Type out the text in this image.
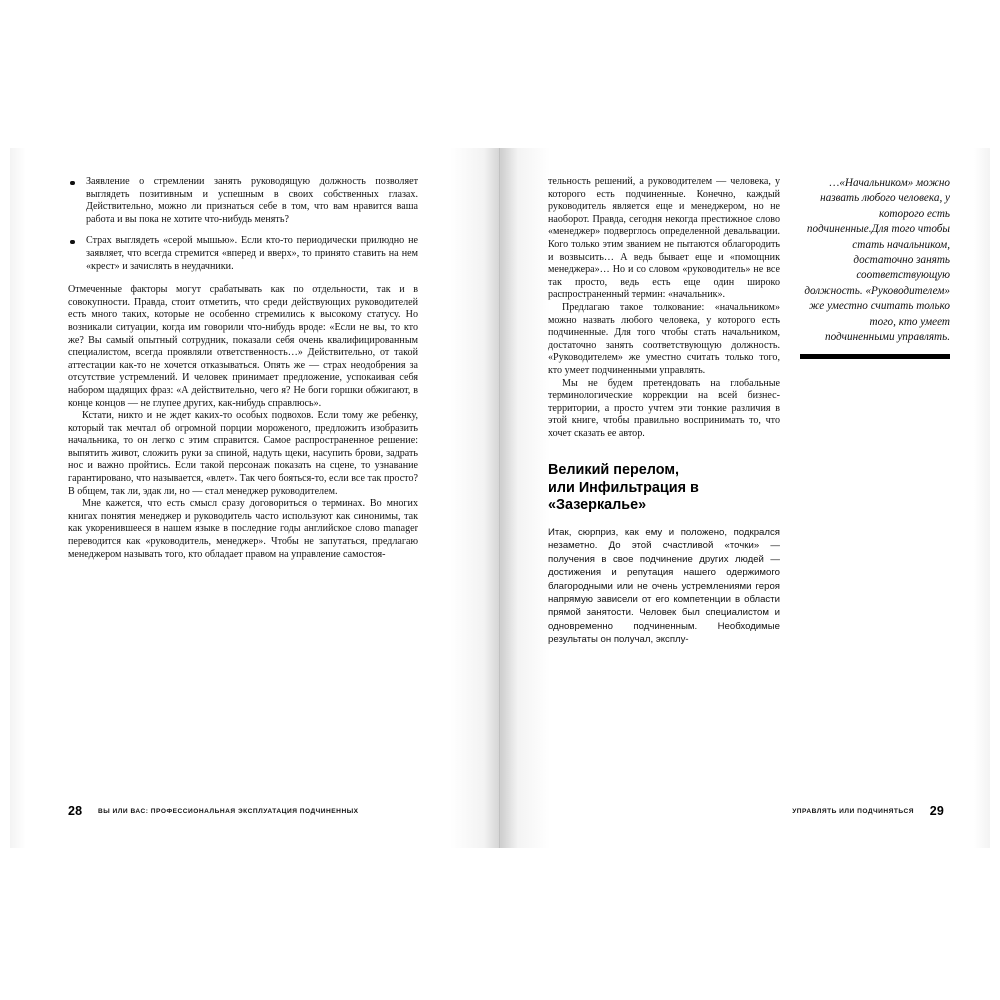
Заявление о стремлении занять руководящую должность позволяет выглядеть позитивным и успешным в своих собственных глазах. Действительно, можно ли признаться себе в том, что вам нравится ваша работа и вы пока не хотите что-нибудь менять?
Страх выглядеть «серой мышью». Если кто-то периодически прилюдно не заявляет, что всегда стремится «вперед и вверх», то принято ставить на нем «крест» и зачислять в неудачники.

Отмеченные факторы могут срабатывать как по отдельности, так и в совокупности. Правда, стоит отметить, что среди действующих руководителей есть много таких, которые не особенно стремились к высокому статусу. Но возникали ситуации, когда им говорили что-нибудь вроде: «Если не вы, то кто же? Вы самый опытный сотрудник, показали себя очень квалифицированным специалистом, всегда проявляли ответственность…» Действительно, от такой аттестации как-то не хочется отказываться. Опять же — страх неодобрения за отсутствие устремлений. И человек принимает предложение, успокаивая себя набором щадящих фраз: «А действительно, чего я? Не боги горшки обжигают, в конце концов — не глупее других, как-нибудь справлюсь».

Кстати, никто и не ждет каких-то особых подвохов. Если тому же ребенку, который так мечтал об огромной порции мороженого, предложить изобразить начальника, то он легко с этим справится. Самое распространенное решение: выпятить живот, сложить руки за спиной, надуть щеки, насупить брови, задрать нос и важно пройтись. Если такой персонаж показать на сцене, то узнавание гарантировано, что называется, «влет». Так чего бояться-то, если все так просто? В общем, так ли, эдак ли, но — стал менеджер руководителем.

Мне кажется, что есть смысл сразу договориться о терминах. Во многих книгах понятия менеджер и руководитель часто используют как синонимы, так как укоренившееся в нашем языке в последние годы английское слово manager переводится как «руководитель, менеджер». Чтобы не запутаться, предлагаю менеджером называть того, кто обладает правом на управление самостоя-

28 ВЫ ИЛИ ВАС: ПРОФЕССИОНАЛЬНАЯ ЭКСПЛУАТАЦИЯ ПОДЧИНЕННЫХ

тельность решений, а руководителем — человека, у которого есть подчиненные. Конечно, каждый руководитель является еще и менеджером, но не наоборот. Правда, сегодня некогда престижное слово «менеджер» подверглось определенной девальвации. Кого только этим званием не пытаются облагородить и возвысить… А ведь бывает еще и «помощник менеджера»… Но и со словом «руководитель» не все так просто, ведь есть еще один широко распространенный термин: «начальник».

Предлагаю такое толкование: «начальником» можно назвать любого человека, у которого есть подчиненные. Для того чтобы стать начальником, достаточно занять соответствующую должность. «Руководителем» же уместно считать только того, кто умеет подчиненными управлять.

Мы не будем претендовать на глобальные терминологические коррекции на всей бизнес-территории, а просто учтем эти тонкие различия в этой книге, чтобы правильно воспринимать то, что хочет сказать ее автор.

Великий перелом,
или Инфильтрация в «Зазеркалье»

Итак, сюрприз, как ему и положено, подкрался незаметно. До этой счастливой «точки» — получения в свое подчинение других людей — достижения и репутация нашего одержимого благородными или не очень устремлениями героя напрямую зависели от его компетенции в области прямой занятости. Человек был специалистом и одновременно подчиненным. Необходимые результаты он получал, эксплу-

…«Начальником» можно назвать любого человека, у которого есть подчиненные.Для того чтобы стать начальником, достаточно занять соответствующую должность. «Руководителем» же уместно считать только того, кто умеет подчиненными управлять.
29
УПРАВЛЯТЬ ИЛИ ПОДЧИНЯТЬСЯ
